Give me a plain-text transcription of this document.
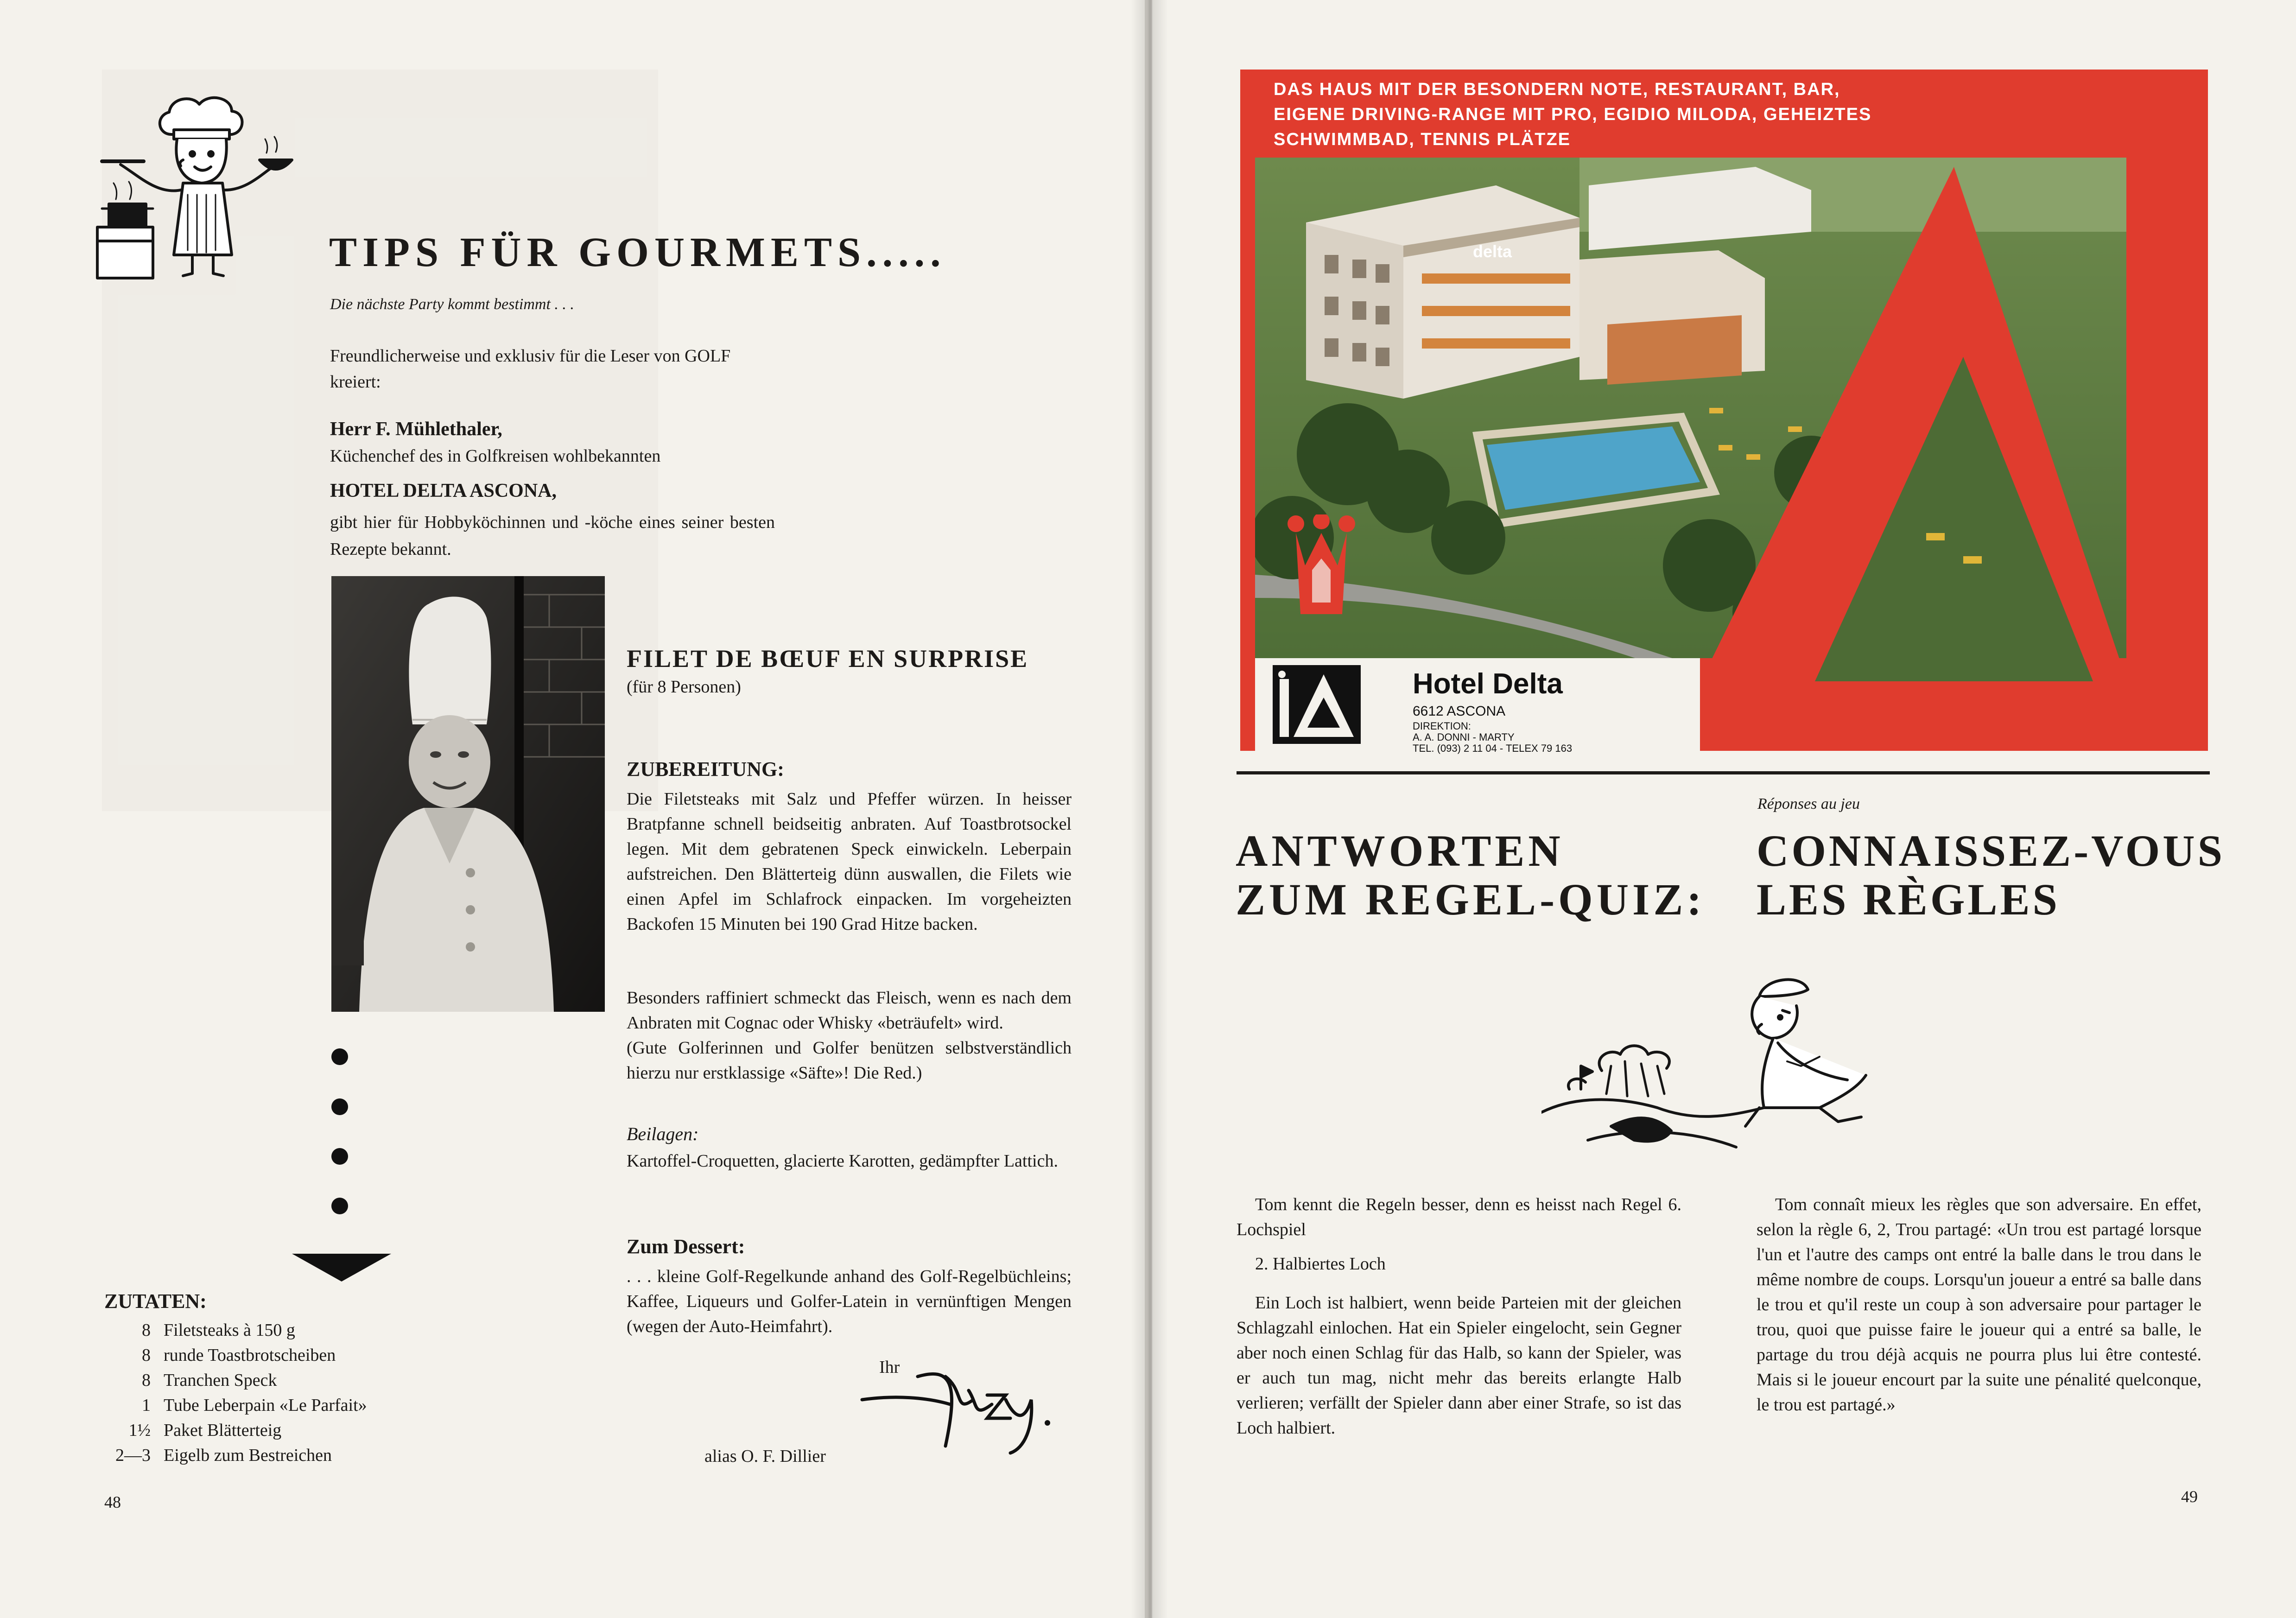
TIPS FÜR GOURMETS.....
Die nächste Party kommt bestimmt . . .
Freundlicherweise und exklusiv für die Leser von GOLF kreiert:
Herr F. Mühlethaler,
Küchenchef des in Golfkreisen wohlbekannten
HOTEL DELTA ASCONA,
gibt hier für Hobbyköchinnen und -köche eines seiner besten Rezepte bekannt.
FILET DE BŒUF EN SURPRISE
(für 8 Personen)
ZUBEREITUNG:
Die Filetsteaks mit Salz und Pfeffer würzen. In heisser Bratpfanne schnell beidseitig anbraten. Auf Toastbrotsockel legen. Mit dem gebratenen Speck einwickeln. Leberpain aufstreichen. Den Blätterteig dünn auswallen, die Filets wie einen Apfel im Schlafrock einpacken. Im vorgeheizten Backofen 15 Minuten bei 190 Grad Hitze backen.
Besonders raffiniert schmeckt das Fleisch, wenn es nach dem Anbraten mit Cognac oder Whisky «beträufelt» wird.
(Gute Golferinnen und Golfer benützen selbstverständlich hierzu nur erstklassige «Säfte»! Die Red.)
Beilagen:
Kartoffel-Croquetten, glacierte Karotten, gedämpfter Lattich.
Zum Dessert:
. . . kleine Golf-Regelkunde anhand des Golf-Regelbüchleins; Kaffee, Liqueurs und Golfer-Latein in vernünftigen Mengen (wegen der Auto-Heimfahrt).
Ihr
alias O. F. Dillier
ZUTATEN:
8 Filetsteaks à 150 g
8 runde Toastbrotscheiben
8 Tranchen Speck
1 Tube Leberpain «Le Parfait»
1½ Paket Blätterteig
2—3 Eigelb zum Bestreichen
48
DAS HAUS MIT DER BESONDERN NOTE, RESTAURANT, BAR, EIGENE DRIVING-RANGE MIT PRO, EGIDIO MILODA, GEHEIZTES SCHWIMMBAD, TENNIS PLÄTZE
delta
Hotel Delta
6612 ASCONA
DIREKTION:
A. A. DONNI - MARTY
TEL. (093) 2 11 04 - TELEX 79 163
ANTWORTEN
ZUM REGEL-QUIZ:
Réponses au jeu
CONNAISSEZ-VOUS
LES RÈGLES
Tom kennt die Regeln besser, denn es heisst nach Regel 6. Lochspiel
2. Halbiertes Loch
Ein Loch ist halbiert, wenn beide Parteien mit der gleichen Schlagzahl einlochen. Hat ein Spieler eingelocht, sein Gegner aber noch einen Schlag für das Halb, so kann der Spieler, was er auch tun mag, nicht mehr das bereits erlangte Halb verlieren; verfällt der Spieler dann aber einer Strafe, so ist das Loch halbiert.
Tom connaît mieux les règles que son adversaire. En effet, selon la règle 6, 2, Trou partagé: «Un trou est partagé lorsque l'un et l'autre des camps ont entré la balle dans le trou dans le même nombre de coups. Lorsqu'un joueur a entré sa balle dans le trou et qu'il reste un coup à son adversaire pour partager le trou, quoi que puisse faire le joueur qui a entré sa balle, le partage du trou déjà acquis ne pourra plus lui être contesté. Mais si le joueur encourt par la suite une pénalité quelconque, le trou est partagé.»
49
